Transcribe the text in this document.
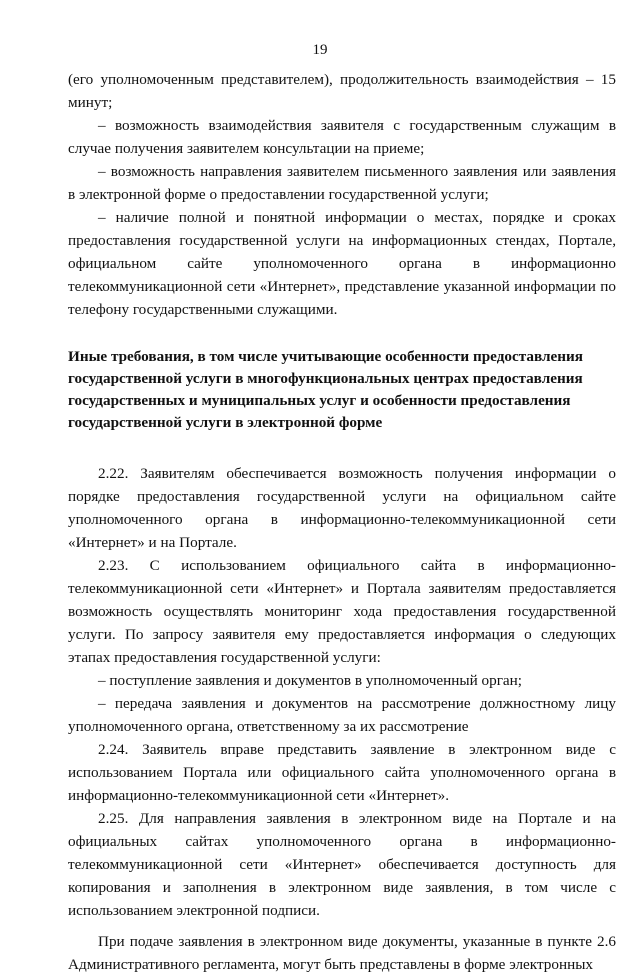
19

(его уполномоченным представителем), продолжительность взаимодействия – 15 минут;

– возможность взаимодействия заявителя с государственным служащим в случае получения заявителем консультации на приеме;

– возможность направления заявителем письменного заявления или заявления в электронной форме о предоставлении государственной услуги;

– наличие полной и понятной информации о местах, порядке и сроках предоставления государственной услуги на информационных стендах, Портале, официальном сайте уполномоченного органа в информационно телекоммуникационной сети «Интернет», представление указанной информации по телефону государственными служащими.

Иные требования, в том числе учитывающие особенности предоставления

государственной услуги в многофункциональных центрах предоставления

государственных и муниципальных услуг и особенности предоставления

государственной услуги в электронной форме

2.22. Заявителям обеспечивается возможность получения информации о порядке предоставления государственной услуги на официальном сайте уполномоченного органа в информационно-телекоммуникационной сети «Интернет» и на Портале.

2.23. С использованием официального сайта в информационно-телекоммуникационной сети «Интернет» и Портала заявителям предоставляется возможность осуществлять мониторинг хода предоставления государственной услуги. По запросу заявителя ему предоставляется информация о следующих этапах предоставления государственной услуги:

– поступление заявления и документов в уполномоченный орган;

– передача заявления и документов на рассмотрение должностному лицу уполномоченного органа, ответственному за их рассмотрение

2.24. Заявитель вправе представить заявление в электронном виде с использованием Портала или официального сайта уполномоченного органа в информационно-телекоммуникационной сети «Интернет».

2.25. Для направления заявления в электронном виде на Портале и на официальных сайтах уполномоченного органа в информационно-телекоммуникационной сети «Интернет» обеспечивается доступность для копирования и заполнения в электронном виде заявления, в том числе с использованием электронной подписи.

При подаче заявления в электронном виде документы, указанные в пункте 2.6 Административного регламента, могут быть представлены в форме электронных
